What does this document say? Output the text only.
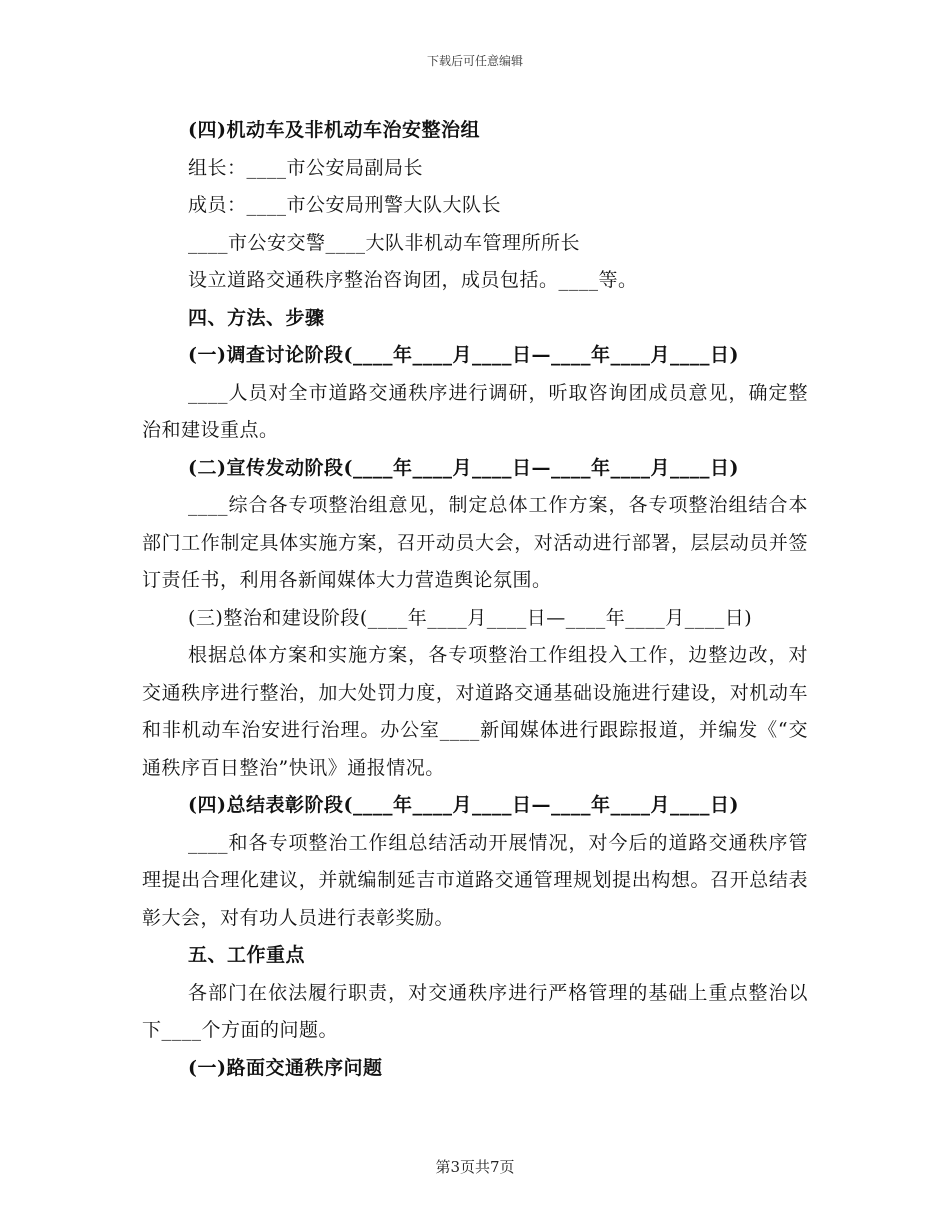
下载后可任意编辑

(四)机动车及非机动车治安整治组

组长：____市公安局副局长

成员：____市公安局刑警大队大队长

____市公安交警____大队非机动车管理所所长

设立道路交通秩序整治咨询团，成员包括。____等。

四、方法、步骤

(一)调查讨论阶段(____年____月____日—____年____月____日)

____人员对全市道路交通秩序进行调研，听取咨询团成员意见，确定整治和建设重点。

(二)宣传发动阶段(____年____月____日—____年____月____日)

____综合各专项整治组意见，制定总体工作方案，各专项整治组结合本部门工作制定具体实施方案，召开动员大会，对活动进行部署，层层动员并签订责任书，利用各新闻媒体大力营造舆论氛围。

(三)整治和建设阶段(____年____月____日—____年____月____日)

根据总体方案和实施方案，各专项整治工作组投入工作，边整边改，对交通秩序进行整治，加大处罚力度，对道路交通基础设施进行建设，对机动车和非机动车治安进行治理。办公室____新闻媒体进行跟踪报道，并编发《“交通秩序百日整治”快讯》通报情况。

(四)总结表彰阶段(____年____月____日—____年____月____日)

____和各专项整治工作组总结活动开展情况，对今后的道路交通秩序管理提出合理化建议，并就编制延吉市道路交通管理规划提出构想。召开总结表彰大会，对有功人员进行表彰奖励。

五、工作重点

各部门在依法履行职责，对交通秩序进行严格管理的基础上重点整治以下____个方面的问题。

(一)路面交通秩序问题

第3页共7页
